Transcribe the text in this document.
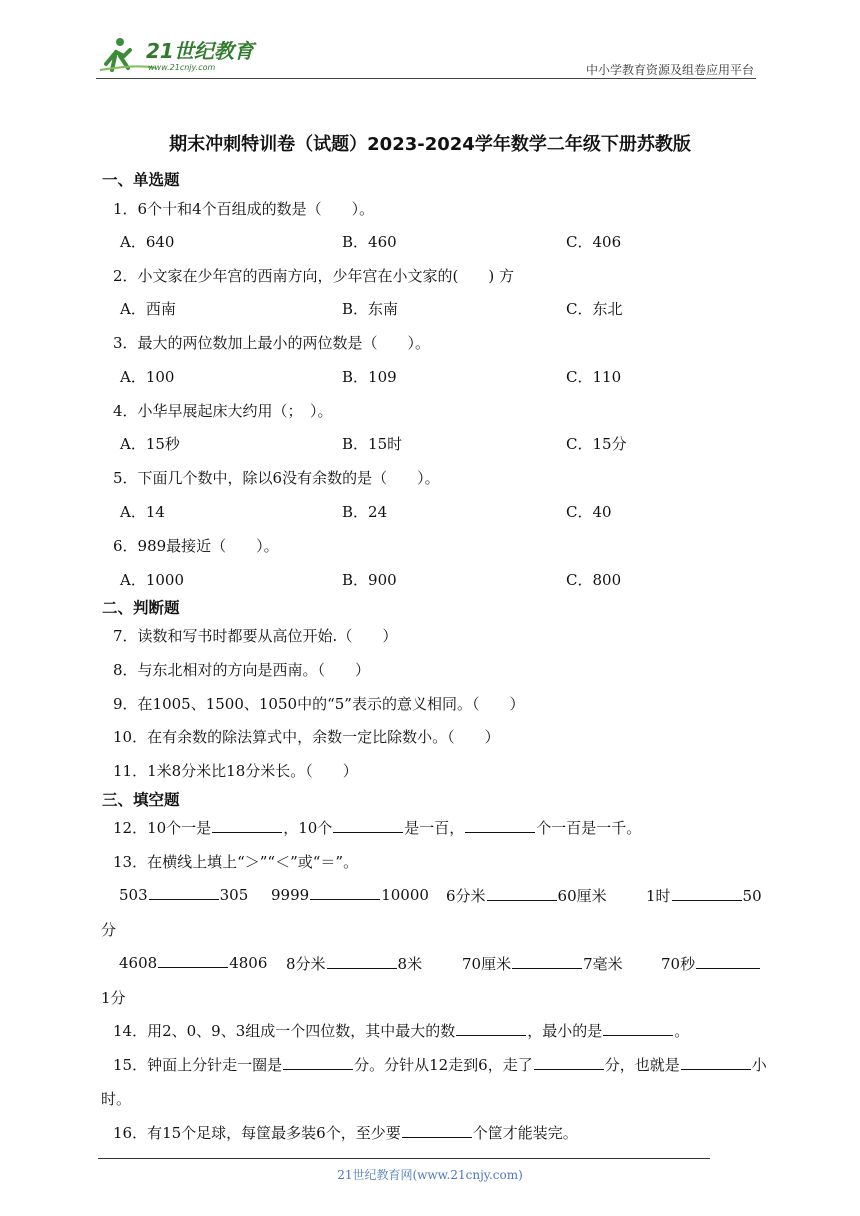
21世纪教育
www.21cnjy.com	中小学教育资源及组卷应用平台
期末冲刺特训卷（试题）2023-2024学年数学二年级下册苏教版
一、单选题
1．6个十和4个百组成的数是（　　）。
A．640	B．460	C．406
2．小文家在少年宫的西南方向，少年宫在小文家的(　　) 方
A．西南	B．东南	C．东北
3．最大的两位数加上最小的两位数是（　　）。
A．100	B．109	C．110
4．小华早展起床大约用（；　）。
A．15秒	B．15时	C．15分
5．下面几个数中，除以6没有余数的是（　　）。
A．14	B．24	C．40
6．989最接近（　　）。
A．1000	B．900	C．800
二、判断题
7．读数和写书时都要从高位开始.（　　）
8．与东北相对的方向是西南。（　　）
9．在1005、1500、1050中的“5”表示的意义相同。（　　）
10．在有余数的除法算式中，余数一定比除数小。（　　）
11．1米8分米比18分米长。（　　）
三、填空题
12．10个一是	，10个	是一百，	个一百是一千。
13．在横线上填上“＞”“＜”或“＝”。
503	305 9999	10000 6分米	60厘米	1时	50
分
4608	4806 8分米	8米	70厘米	7毫米	70秒
1分
14．用2、0、9、3组成一个四位数，其中最大的数	，最小的是	。
15．钟面上分针走一圈是	分。分针从12走到6，走了	分，也就是	小
时。
16．有15个足球，每筐最多装6个，至少要	个筐才能装完。
21世纪教育网(www.21cnjy.com)
